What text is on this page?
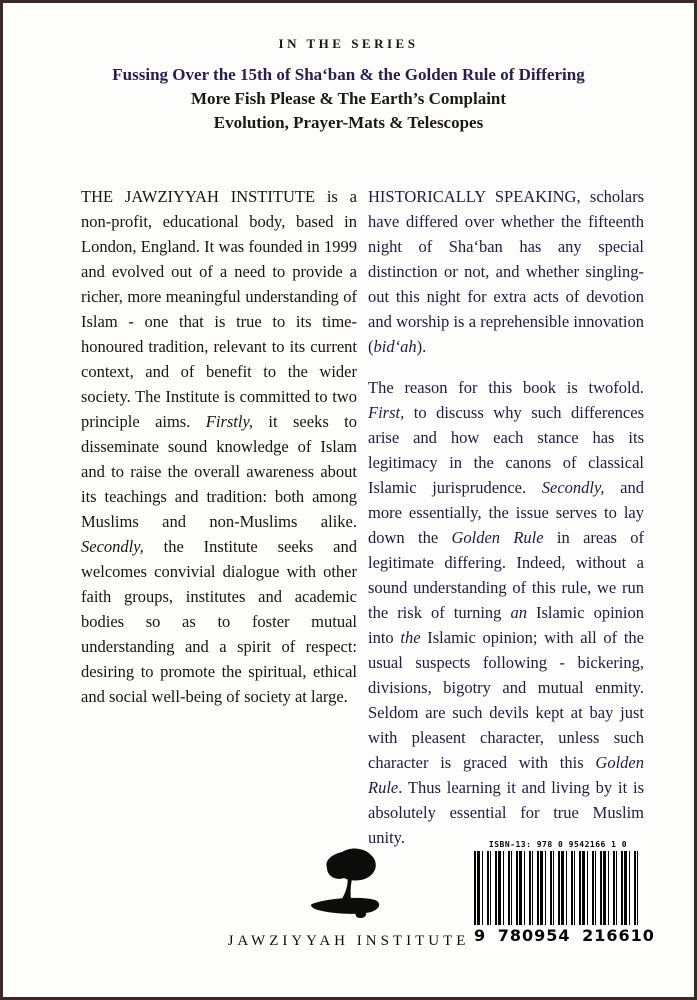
IN THE SERIES
Fussing Over the 15th of Sha‘ban & the Golden Rule of Differing
More Fish Please & The Earth’s Complaint
Evolution, Prayer-Mats & Telescopes

THE JAWZIYYAH INSTITUTE is a non-profit, educational body, based in London, England. It was founded in 1999 and evolved out of a need to provide a richer, more meaningful understanding of Islam - one that is true to its time-honoured tradition, relevant to its current context, and of benefit to the wider society. The Institute is committed to two principle aims. Firstly, it seeks to disseminate sound knowledge of Islam and to raise the overall awareness about its teachings and tradition: both among Muslims and non-Muslims alike. Secondly, the Institute seeks and welcomes convivial dialogue with other faith groups, institutes and academic bodies so as to foster mutual understanding and a spirit of respect: desiring to promote the spiritual, ethical and social well-being of society at large.

HISTORICALLY SPEAKING, scholars have differed over whether the fifteenth night of Sha‘ban has any special distinction or not, and whether singling-out this night for extra acts of devotion and worship is a reprehensible innovation (bid‘ah).

The reason for this book is twofold. First, to discuss why such differences arise and how each stance has its legitimacy in the canons of classical Islamic jurisprudence. Secondly, and more essentially, the issue serves to lay down the Golden Rule in areas of legitimate differing. Indeed, without a sound understanding of this rule, we run the risk of turning an Islamic opinion into the Islamic opinion; with all of the usual suspects following - bickering, divisions, bigotry and mutual enmity. Seldom are such devils kept at bay just with pleasent character, unless such character is graced with this Golden Rule. Thus learning it and living by it is absolutely essential for true Muslim unity.

JAWZIYYAH INSTITUTE
ISBN-13: 978 0 9542166 1 0
9 780954 216610
